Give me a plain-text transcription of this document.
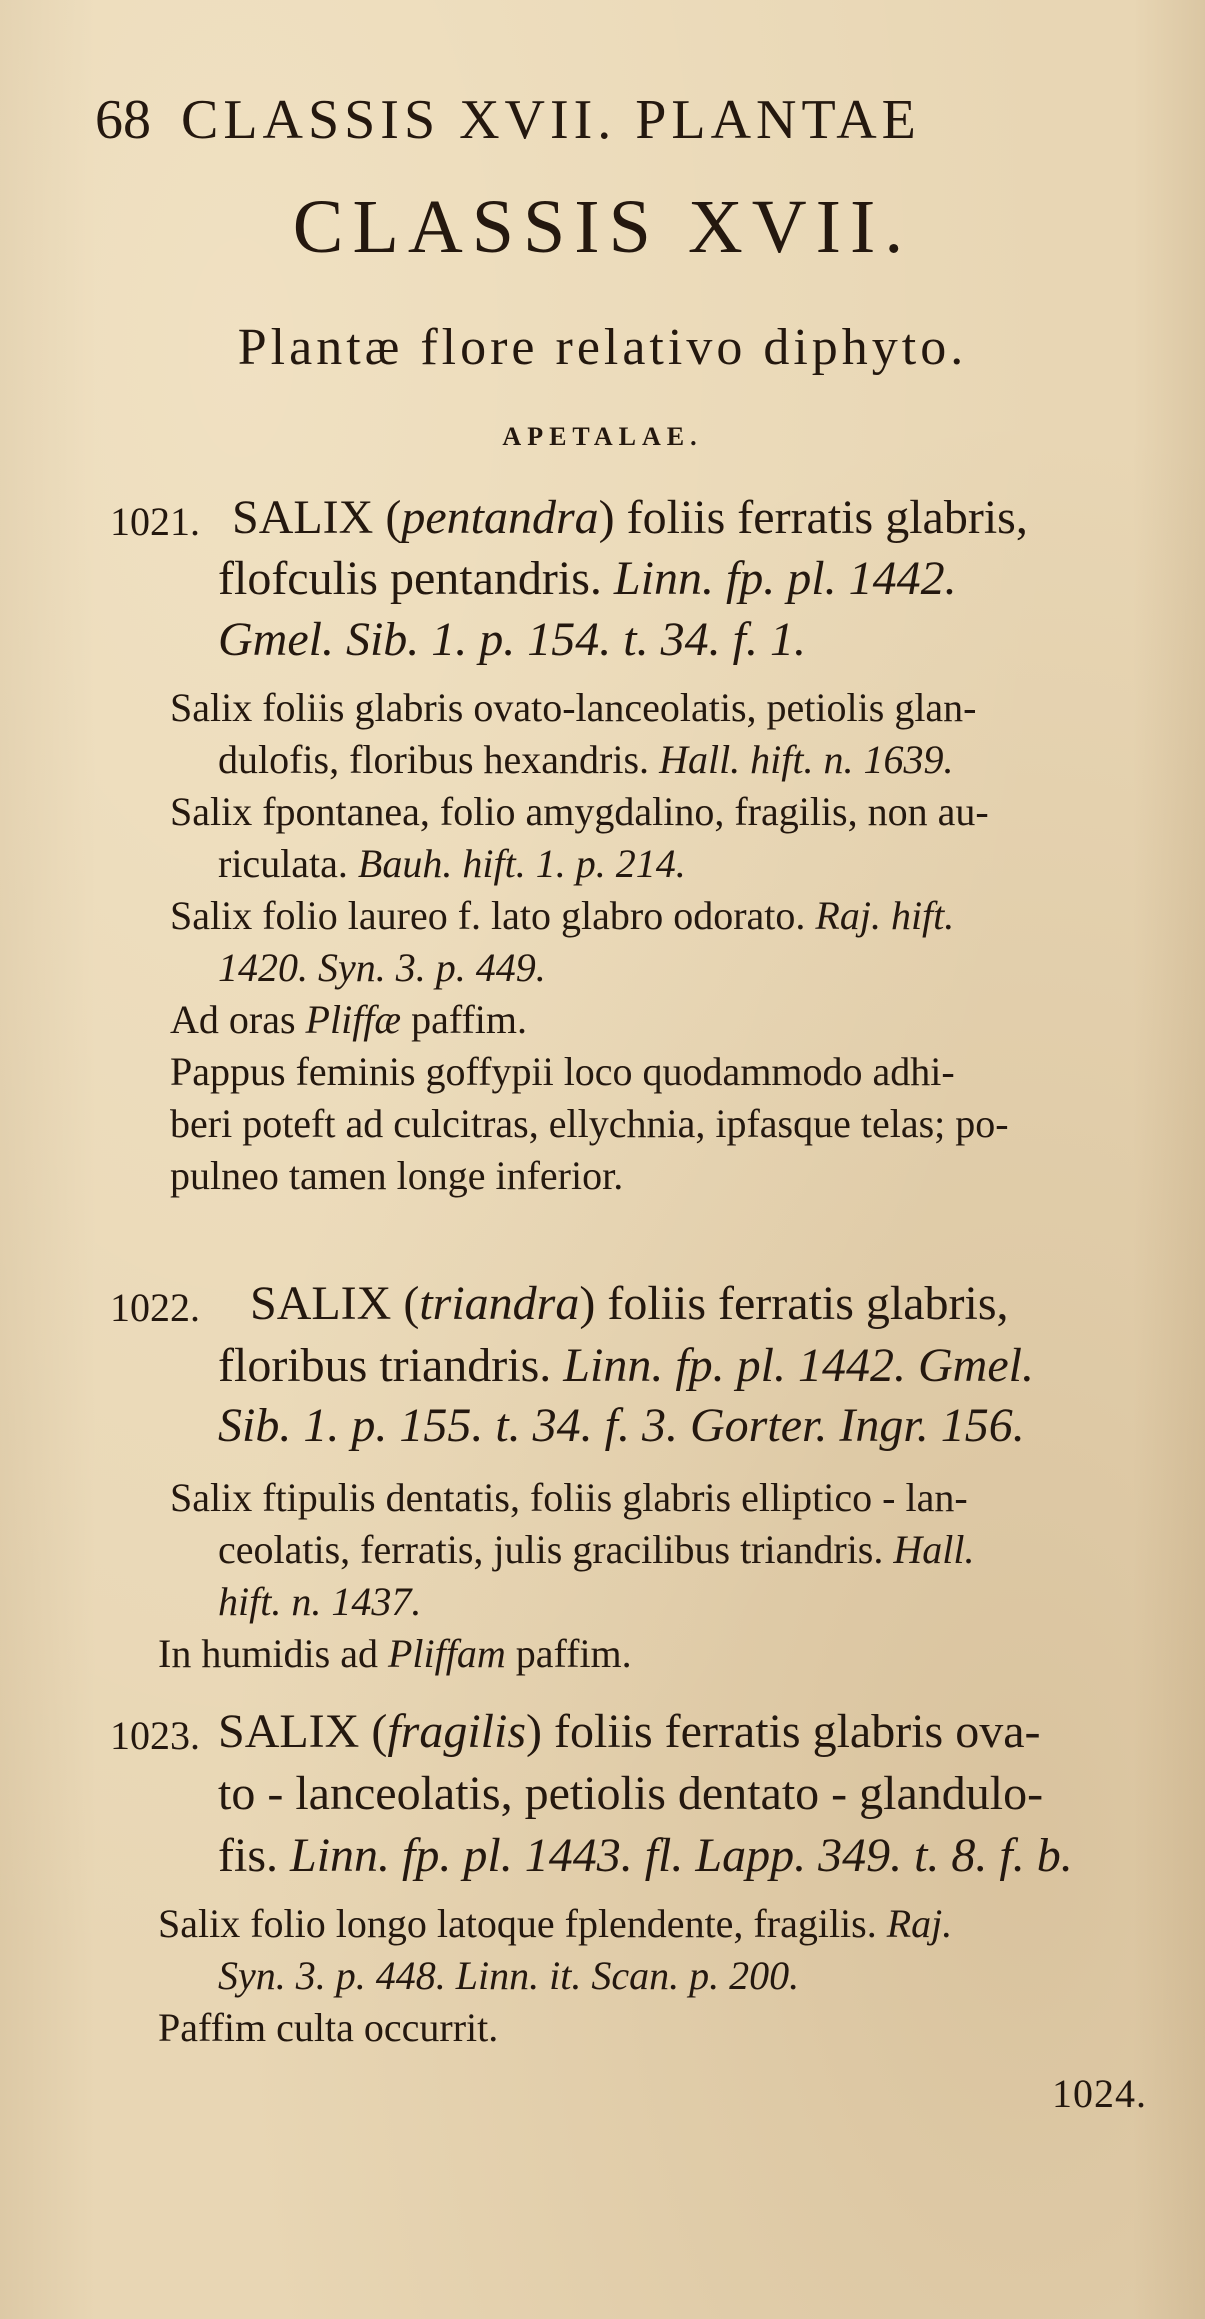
68 CLASSIS XVII. PLANTAE
CLASSIS XVII.
Plantæ flore relativo diphyto.
APETALAE.
1021. SALIX (pentandra) foliis ferratis glabris,
flofculis pentandris. Linn. fp. pl. 1442.
Gmel. Sib. 1. p. 154. t. 34. f. 1.
Salix foliis glabris ovato-lanceolatis, petiolis glan-
dulofis, floribus hexandris. Hall. hift. n. 1639.
Salix fpontanea, folio amygdalino, fragilis, non au-
riculata. Bauh. hift. 1. p. 214.
Salix folio laureo f. lato glabro odorato. Raj. hift.
1420. Syn. 3. p. 449.
Ad oras Pliffæ paffim.
Pappus feminis goffypii loco quodammodo adhi-
beri poteft ad culcitras, ellychnia, ipfasque telas; po-
pulneo tamen longe inferior.
1022. SALIX (triandra) foliis ferratis glabris,
floribus triandris. Linn. fp. pl. 1442. Gmel.
Sib. 1. p. 155. t. 34. f. 3. Gorter. Ingr. 156.
Salix ftipulis dentatis, foliis glabris elliptico - lan-
ceolatis, ferratis, julis gracilibus triandris. Hall.
hift. n. 1437.
In humidis ad Pliffam paffim.
1023. SALIX (fragilis) foliis ferratis glabris ova-
to - lanceolatis, petiolis dentato - glandulo-
fis. Linn. fp. pl. 1443. fl. Lapp. 349. t. 8. f. b.
Salix folio longo latoque fplendente, fragilis. Raj.
Syn. 3. p. 448. Linn. it. Scan. p. 200.
Paffim culta occurrit.
1024.
